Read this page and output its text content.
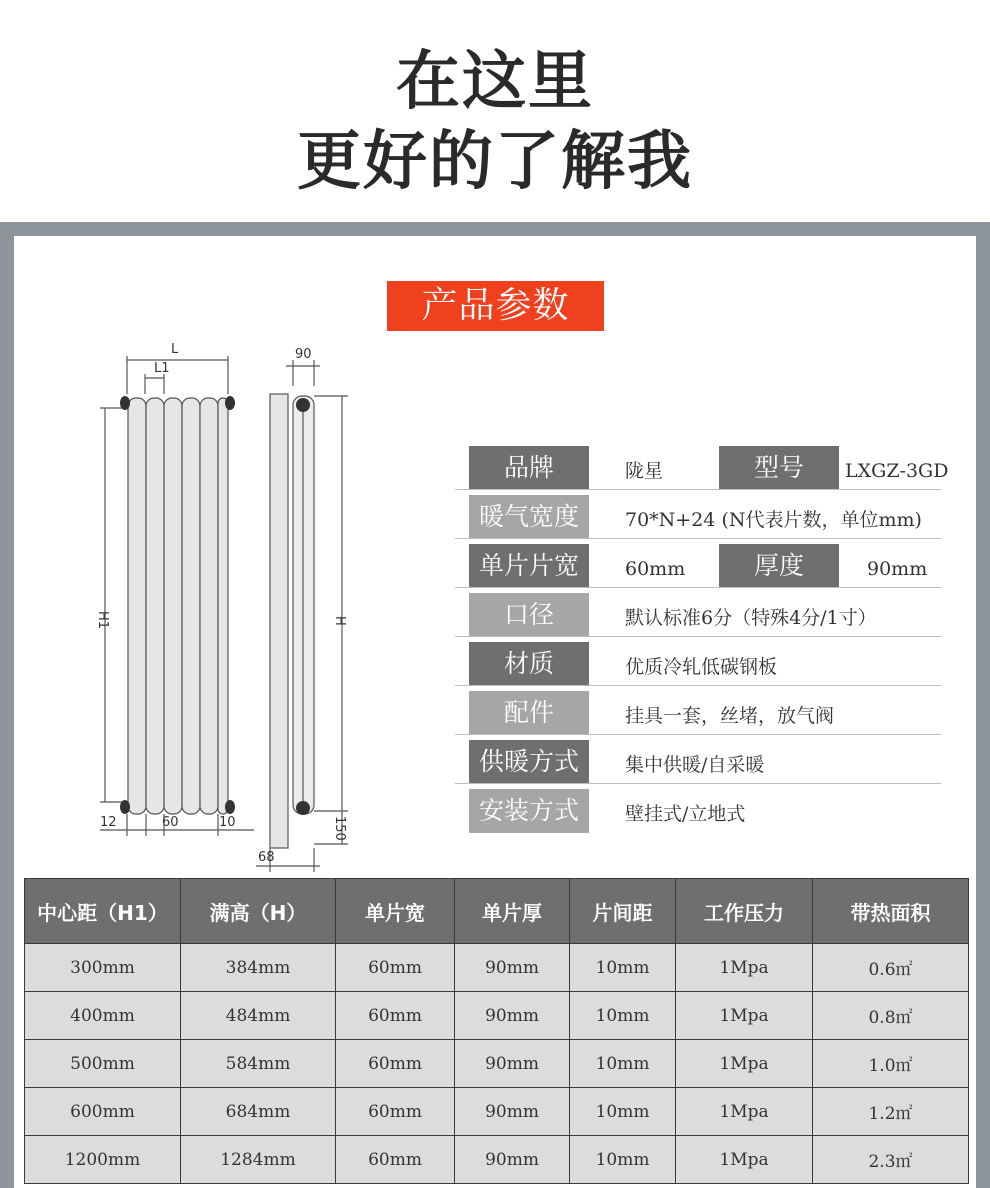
在这里
更好的了解我
产品参数
L
L1
H1
12	60	10
90
H
150
68
品牌	陇星	型号	LXGZ-3GD
暖气宽度	70*N+24 (N代表片数，单位mm)
单片片宽	60mm	厚度	90mm
口径	默认标准6分（特殊4分/1寸）
材质	优质冷轧低碳钢板
配件	挂具一套，丝堵，放气阀
供暖方式	集中供暖/自采暖
安装方式	壁挂式/立地式
中心距（H1）	满高（H）	单片宽	单片厚	片间距	工作压力	带热面积
300mm	384mm	60mm	90mm	10mm	1Mpa	0.6㎡
400mm	484mm	60mm	90mm	10mm	1Mpa	0.8㎡
500mm	584mm	60mm	90mm	10mm	1Mpa	1.0㎡
600mm	684mm	60mm	90mm	10mm	1Mpa	1.2㎡
1200mm	1284mm	60mm	90mm	10mm	1Mpa	2.3㎡
